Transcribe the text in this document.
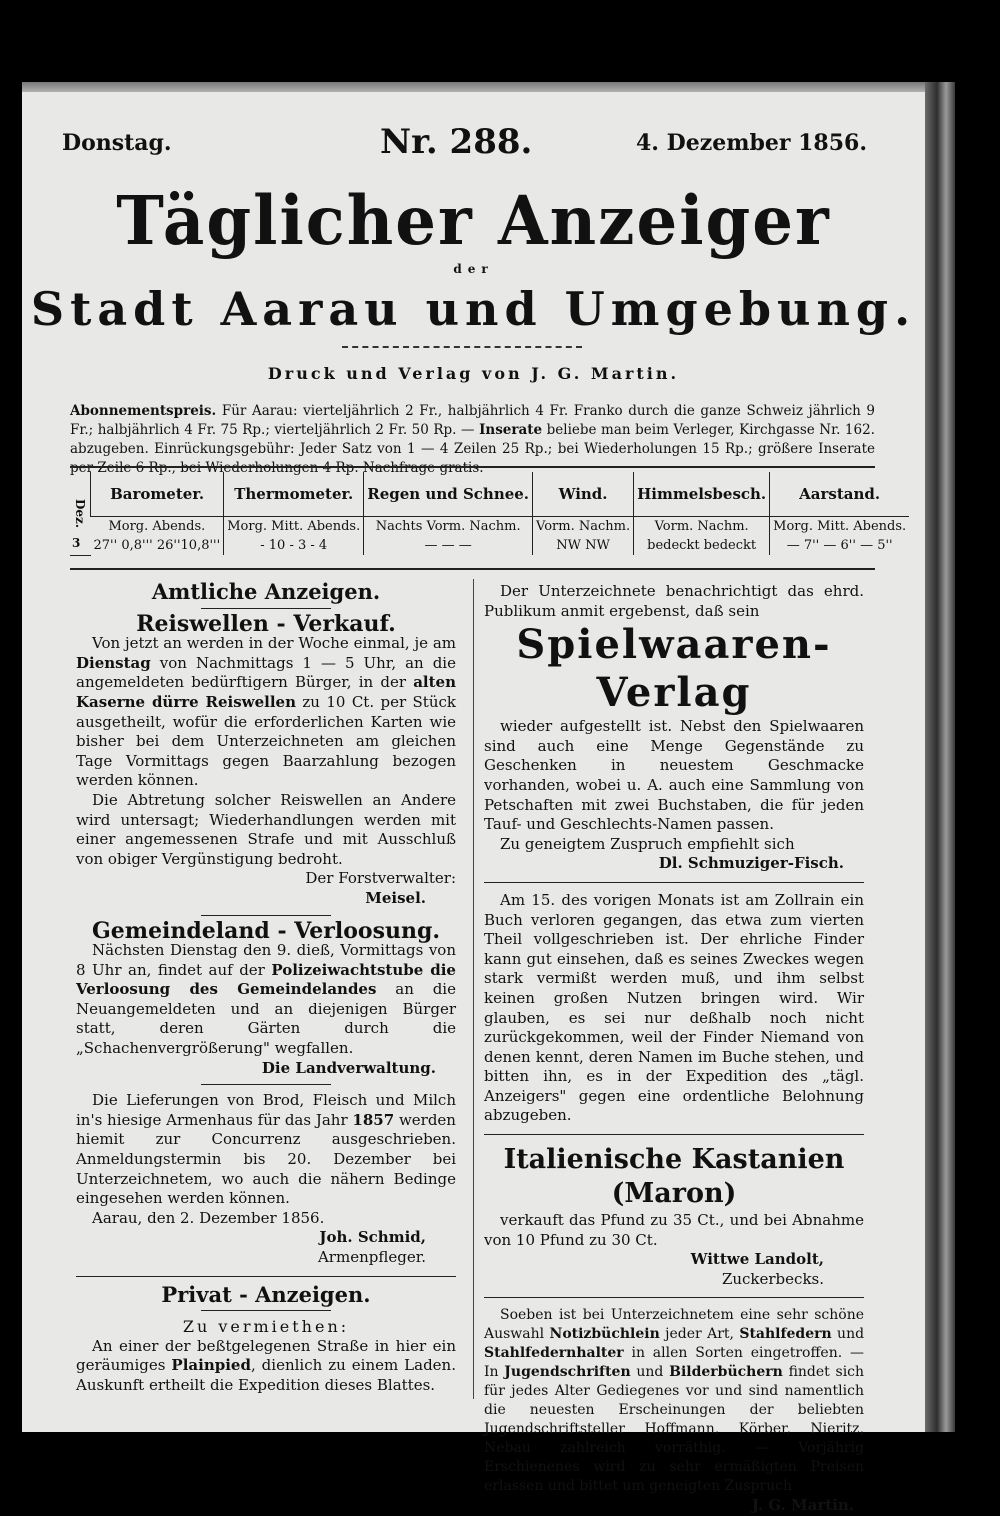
Donstag.	Nr. 288.	4. Dezember 1856.
Täglicher Anzeiger
der
Stadt Aarau und Umgebung.
Druck und Verlag von J. G. Martin.
Abonnementspreis. Für Aarau: vierteljährlich 2 Fr., halbjährlich 4 Fr. Franko durch die ganze Schweiz jährlich 9 Fr.; halbjährlich 4 Fr. 75 Rp.; vierteljährlich 2 Fr. 50 Rp. — Inserate beliebe man beim Verleger, Kirchgasse Nr. 162. abzugeben. Einrückungsgebühr: Jeder Satz von 1 — 4 Zeilen 25 Rp.; bei Wiederholungen 15 Rp.; größere Inserate per Zeile 6 Rp., bei Wiederholungen 4 Rp. Nachfrage gratis.
Dez.	Barometer.	Thermometer.	Regen und Schnee.	Wind.	Himmelsbesch.	Aarstand.
	Morg. Abends.	Morg. Mitt. Abends.	Nachts Vorm. Nachm.	Vorm. Nachm.	Vorm. Nachm.	Morg. Mitt. Abends.
	27'' 0,8''' 26''10,8'''	- 10 - 3 - 4	— — —	NW NW	bedeckt bedeckt	— 7'' — 6'' — 5''
3

Amtliche Anzeigen.

Reiswellen - Verkauf.

Von jetzt an werden in der Woche einmal, je am Dienstag von Nachmittags 1 — 5 Uhr, an die angemeldeten bedürftigern Bürger, in der alten Kaserne dürre Reiswellen zu 10 Ct. per Stück ausgetheilt, wofür die erforderlichen Karten wie bisher bei dem Unterzeichneten am gleichen Tage Vormittags gegen Baarzahlung bezogen werden können.

Die Abtretung solcher Reiswellen an Andere wird untersagt; Wiederhandlungen werden mit einer angemessenen Strafe und mit Ausschluß von obiger Vergünstigung bedroht.

Der Forstverwalter:

Meisel.

Gemeindeland - Verloosung.

Nächsten Dienstag den 9. dieß, Vormittags von 8 Uhr an, findet auf der Polizeiwachtstube die Verloosung des Gemeindelandes an die Neuangemeldeten und an diejenigen Bürger statt, deren Gärten durch die „Schachenvergrößerung" wegfallen.

Die Landverwaltung.

Die Lieferungen von Brod, Fleisch und Milch in's hiesige Armenhaus für das Jahr 1857 werden hiemit zur Concurrenz ausgeschrieben. Anmeldungstermin bis 20. Dezember bei Unterzeichnetem, wo auch die nähern Bedinge eingesehen werden können.

Aarau, den 2. Dezember 1856.

Joh. Schmid,

Armenpfleger.

Privat - Anzeigen.

Zu vermiethen:

An einer der beßtgelegenen Straße in hier ein geräumiges Plainpied, dienlich zu einem Laden. Auskunft ertheilt die Expedition dieses Blattes.

Der Unterzeichnete benachrichtigt das ehrd. Publikum anmit ergebenst, daß sein

Spielwaaren-Verlag

wieder aufgestellt ist. Nebst den Spielwaaren sind auch eine Menge Gegenstände zu Geschenken in neuestem Geschmacke vorhanden, wobei u. A. auch eine Sammlung von Petschaften mit zwei Buchstaben, die für jeden Tauf- und Geschlechts-Namen passen.

Zu geneigtem Zuspruch empfiehlt sich

Dl. Schmuziger-Fisch.

Am 15. des vorigen Monats ist am Zollrain ein Buch verloren gegangen, das etwa zum vierten Theil vollgeschrieben ist. Der ehrliche Finder kann gut einsehen, daß es seines Zweckes wegen stark vermißt werden muß, und ihm selbst keinen großen Nutzen bringen wird. Wir glauben, es sei nur deßhalb noch nicht zurückgekommen, weil der Finder Niemand von denen kennt, deren Namen im Buche stehen, und bitten ihn, es in der Expedition des „tägl. Anzeigers" gegen eine ordentliche Belohnung abzugeben.

Italienische Kastanien (Maron)

verkauft das Pfund zu 35 Ct., und bei Abnahme von 10 Pfund zu 30 Ct.

Wittwe Landolt,

Zuckerbecks.

Soeben ist bei Unterzeichnetem eine sehr schöne Auswahl Notizbüchlein jeder Art, Stahlfedern und Stahlfedernhalter in allen Sorten eingetroffen. — In Jugendschriften und Bilderbüchern findet sich für jedes Alter Gediegenes vor und sind namentlich die neuesten Erscheinungen der beliebten Jugendschriftsteller Hoffmann, Körber, Nieritz, Nebau zahlreich vorräthig. — Vorjährig Erschienenes wird zu sehr ermäßigten Preisen erlassen und bittet um geneigten Zuspruch

J. G. Martin.
